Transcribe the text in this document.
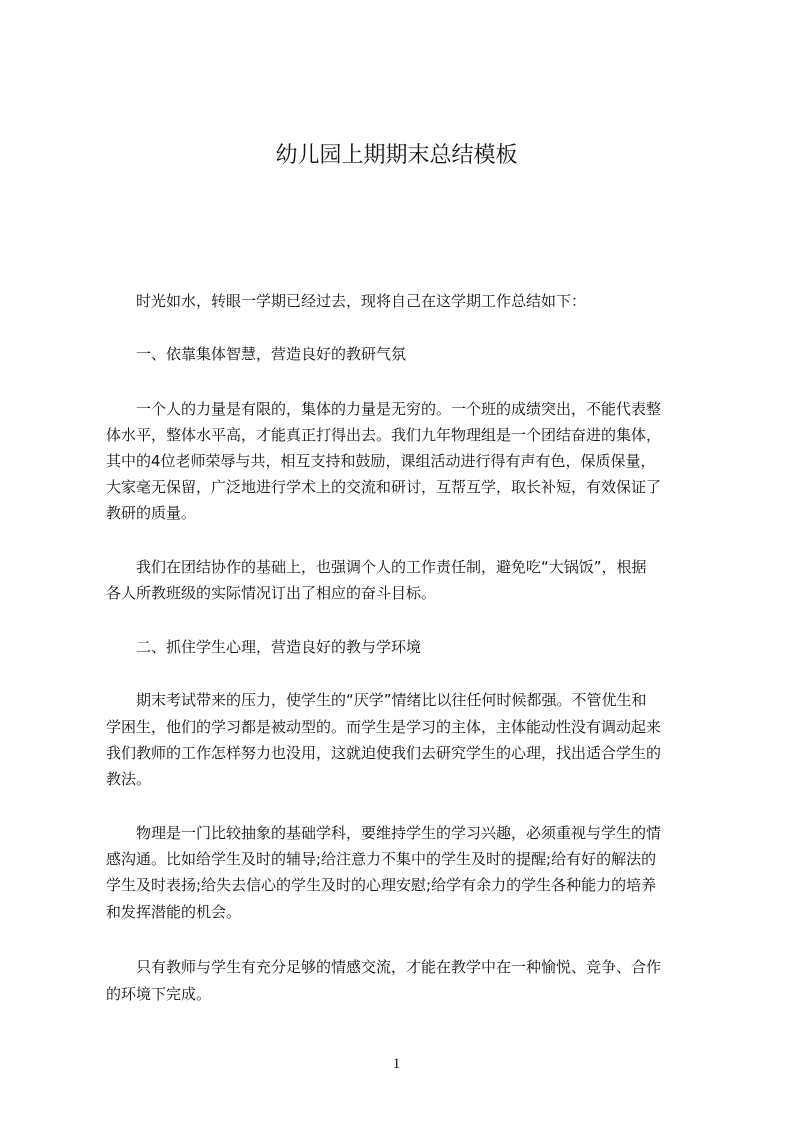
幼儿园上期期末总结模板

　　时光如水，转眼一学期已经过去，现将自己在这学期工作总结如下：

　　一、依靠集体智慧，营造良好的教研气氛

　　一个人的力量是有限的，集体的力量是无穷的。一个班的成绩突出，不能代表整

体水平，整体水平高，才能真正打得出去。我们九年物理组是一个团结奋进的集体，

其中的4位老师荣辱与共，相互支持和鼓励，课组活动进行得有声有色，保质保量，

大家毫无保留，广泛地进行学术上的交流和研讨，互帮互学，取长补短，有效保证了

教研的质量。

　　我们在团结协作的基础上，也强调个人的工作责任制，避免吃“大锅饭”，根据

各人所教班级的实际情况订出了相应的奋斗目标。

　　二、抓住学生心理，营造良好的教与学环境

　　期末考试带来的压力，使学生的“厌学”情绪比以往任何时候都强。不管优生和

学困生，他们的学习都是被动型的。而学生是学习的主体，主体能动性没有调动起来

我们教师的工作怎样努力也没用，这就迫使我们去研究学生的心理，找出适合学生的

教法。

　　物理是一门比较抽象的基础学科，要维持学生的学习兴趣，必须重视与学生的情

感沟通。比如给学生及时的辅导;给注意力不集中的学生及时的提醒;给有好的解法的

学生及时表扬;给失去信心的学生及时的心理安慰;给学有余力的学生各种能力的培养

和发挥潜能的机会。

　　只有教师与学生有充分足够的情感交流，才能在教学中在一种愉悦、竞争、合作

的环境下完成。

1
